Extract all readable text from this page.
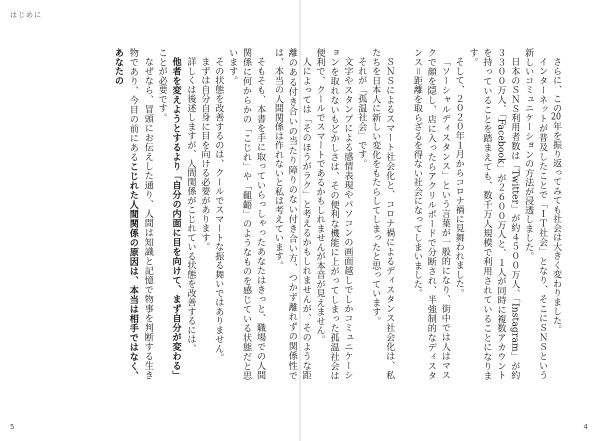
はじめに

そもそも、本書を手に取っていらっしゃったあなたはきっと、職場での人間関係に何からかの「こじれ」や「齟齬」のようなものを感じている状態だと思います。

その状態を改善するのは、クールでスマートな振る舞いではありません。

まずは自分自身に目を向ける必要があります。

詳しくは後述しますが、人間関係がこじれている状態を改善するには、

他者を変えようとするより「自分の内面に目を向けて、まず自分が変わる」ことが必要です。

なぜなら、冒頭にお伝えした通り、人間は知識と記憶で物事を判断する生き物であり、今目の前にあるこじれた人間関係の原因は、本当は相手ではなく、あなたの	さらに、この20年を振り返ってみても社会は大きく変わりました。

インターネットが普及したことで「ＩＴ社会」となり、そこにＳＮＳという新しいコミュニケーションの方法が浸透しました。

日本のＳＮＳ利用者数は「Twitter」が約４５００万人、「Instagram」が約３３００万人、「Facebook」が２６００万人と、１人が同時に複数アカウントを持っていることを踏まえても、数千万人規模で利用されていることになります。

そして、２０２０年１月からコロナ禍に見舞われました。

「ソーシャルディスタンス」という言葉が一般的になり、街中では人はマスクで顔を隠し、店に入ったらアクリルボードで分断され、半強制的なディスタンス＝距離を取らざるを得ない社会になってしまいました。

ＳＮＳによるスマート社会化と、コロナ禍によるディスタンス社会化は、私たちを日本人に新しい変化をもたらしてしまったと思っています。

それが「孤温社会」です。

文字やスタンプによる感情表現やパソコンの画面越しでしかコミュニケーションを取れないもどかしさは、その便利な機能に上がってしまった孤温社会は便利で、クールでスマートであるかもしれませんが本音が見えません。

人によっては「そのほうがラク」と考えるかもしれませんが、そのような距離のある付き合いの当たり障りのない付き合い方、つかず離れずの関係性では、本当の人間関係は作れないと私は考えています。

5	4
